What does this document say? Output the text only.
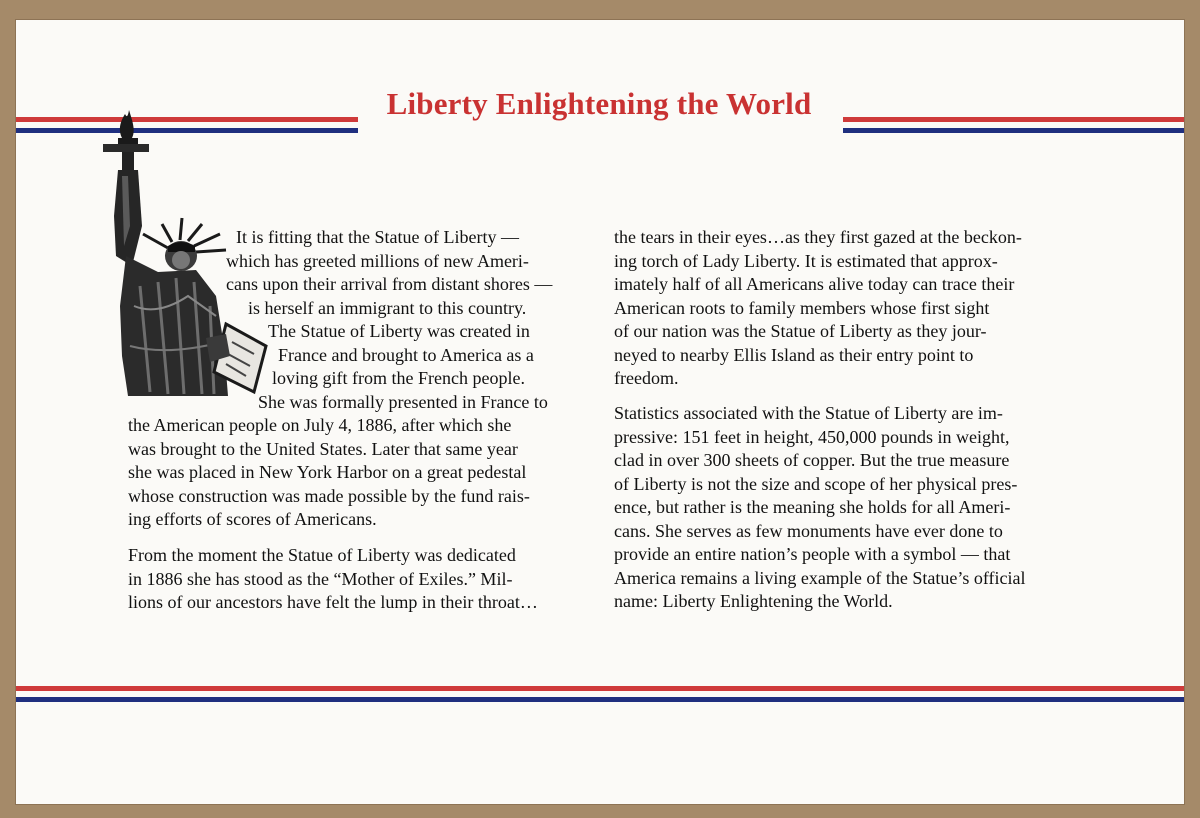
Liberty Enlightening the World
It is fitting that the Statue of Liberty —
which has greeted millions of new Ameri-
cans upon their arrival from distant shores —
is herself an immigrant to this country.
The Statue of Liberty was created in
France and brought to America as a
loving gift from the French people.
She was formally presented in France to
the American people on July 4, 1886, after which she
was brought to the United States. Later that same year
she was placed in New York Harbor on a great pedestal
whose construction was made possible by the fund rais-
ing efforts of scores of Americans.
From the moment the Statue of Liberty was dedicated
in 1886 she has stood as the “Mother of Exiles.” Mil-
lions of our ancestors have felt the lump in their throat…
the tears in their eyes…as they first gazed at the beckon-
ing torch of Lady Liberty. It is estimated that approx-
imately half of all Americans alive today can trace their
American roots to family members whose first sight
of our nation was the Statue of Liberty as they jour-
neyed to nearby Ellis Island as their entry point to
freedom.
Statistics associated with the Statue of Liberty are im-
pressive: 151 feet in height, 450,000 pounds in weight,
clad in over 300 sheets of copper. But the true measure
of Liberty is not the size and scope of her physical pres-
ence, but rather is the meaning she holds for all Ameri-
cans. She serves as few monuments have ever done to
provide an entire nation’s people with a symbol — that
America remains a living example of the Statue’s official
name: Liberty Enlightening the World.
